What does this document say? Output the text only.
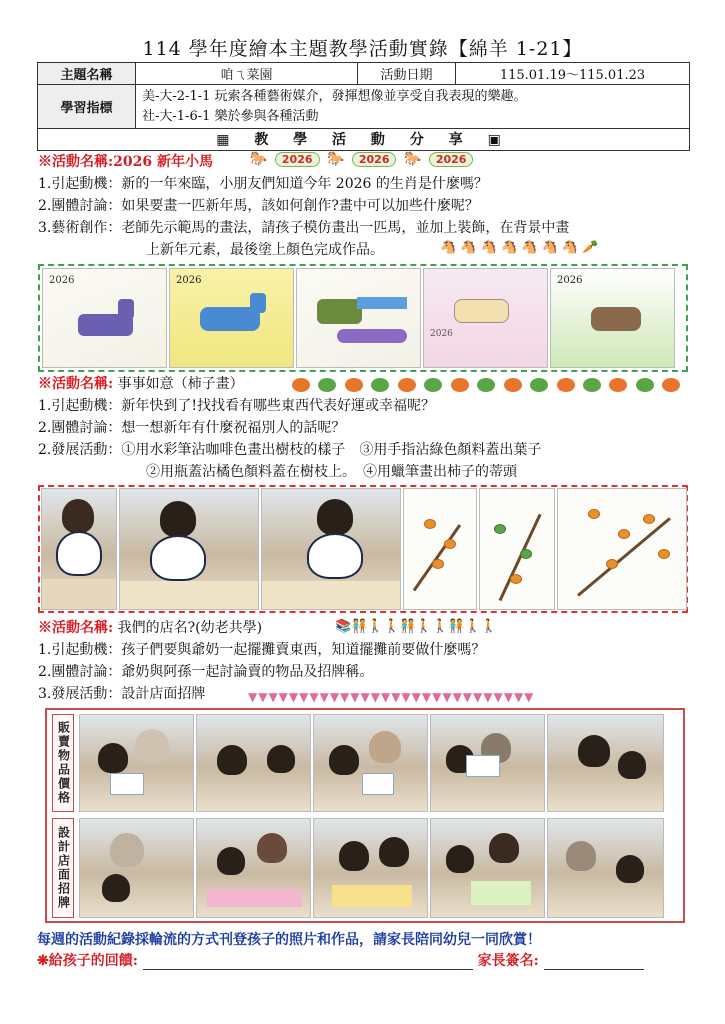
114 學年度繪本主題教學活動實錄【綿羊 1-21】
主題名稱	咱ㄟ菜園	活動日期	115.01.19～115.01.23
學習指標	美-大-2-1-1 玩索各種藝術媒介，發揮想像並享受自我表現的樂趣。
社-大-1-6-1 樂於參與各種活動		
▦ 教 學 活 動 分 享 ▣
※活動名稱:2026 新年小馬
1.引起動機：新的一年來臨，小朋友們知道今年 2026 的生肖是什麼嗎？
2.團體討論：如果要畫一匹新年馬，該如何創作?畫中可以加些什麼呢？
3.藝術創作：老師先示範馬的畫法，請孩子模仿畫出一匹馬，並加上裝飾，在背景中畫
上新年元素，最後塗上顏色完成作品。
🐎 2026 🐎 2026 🐎 2026
🐴 🐴 🐴 🐴 🐴 🐴 🐴 🥕
2026	2026
2026
2026
※活動名稱: 事事如意（柿子畫）
1.引起動機：新年快到了!找找看有哪些東西代表好運或幸福呢？
2.團體討論：想一想新年有什麼祝福別人的話呢？
2.發展活動：①用水彩筆沾咖啡色畫出樹枝的樣子　③用手指沾綠色顏料蓋出葉子
②用瓶蓋沾橘色顏料蓋在樹枝上。　④用蠟筆畫出柿子的蒂頭

※活動名稱: 我們的店名?(幼老共學)
1.引起動機：孩子們要與爺奶一起擺攤賣東西，知道擺攤前要做什麼嗎？
2.團體討論：爺奶與阿孫一起討論賣的物品及招牌稱。
3.發展活動：設計店面招牌
📚🧑‍🤝‍🧑🚶🚶🧑‍🤝‍🧑🚶🚶🧑‍🤝‍🧑🚶🚶
▼▼▼▼▼▼▼▼▼▼▼▼▼▼▼▼▼▼▼▼▼▼▼▼▼▼▼▼
販賣物品價格
設計店面招牌
每週的活動紀錄採輪流的方式刊登孩子的照片和作品，請家長陪同幼兒一同欣賞！
❋給孩子的回饋:	家長簽名:
